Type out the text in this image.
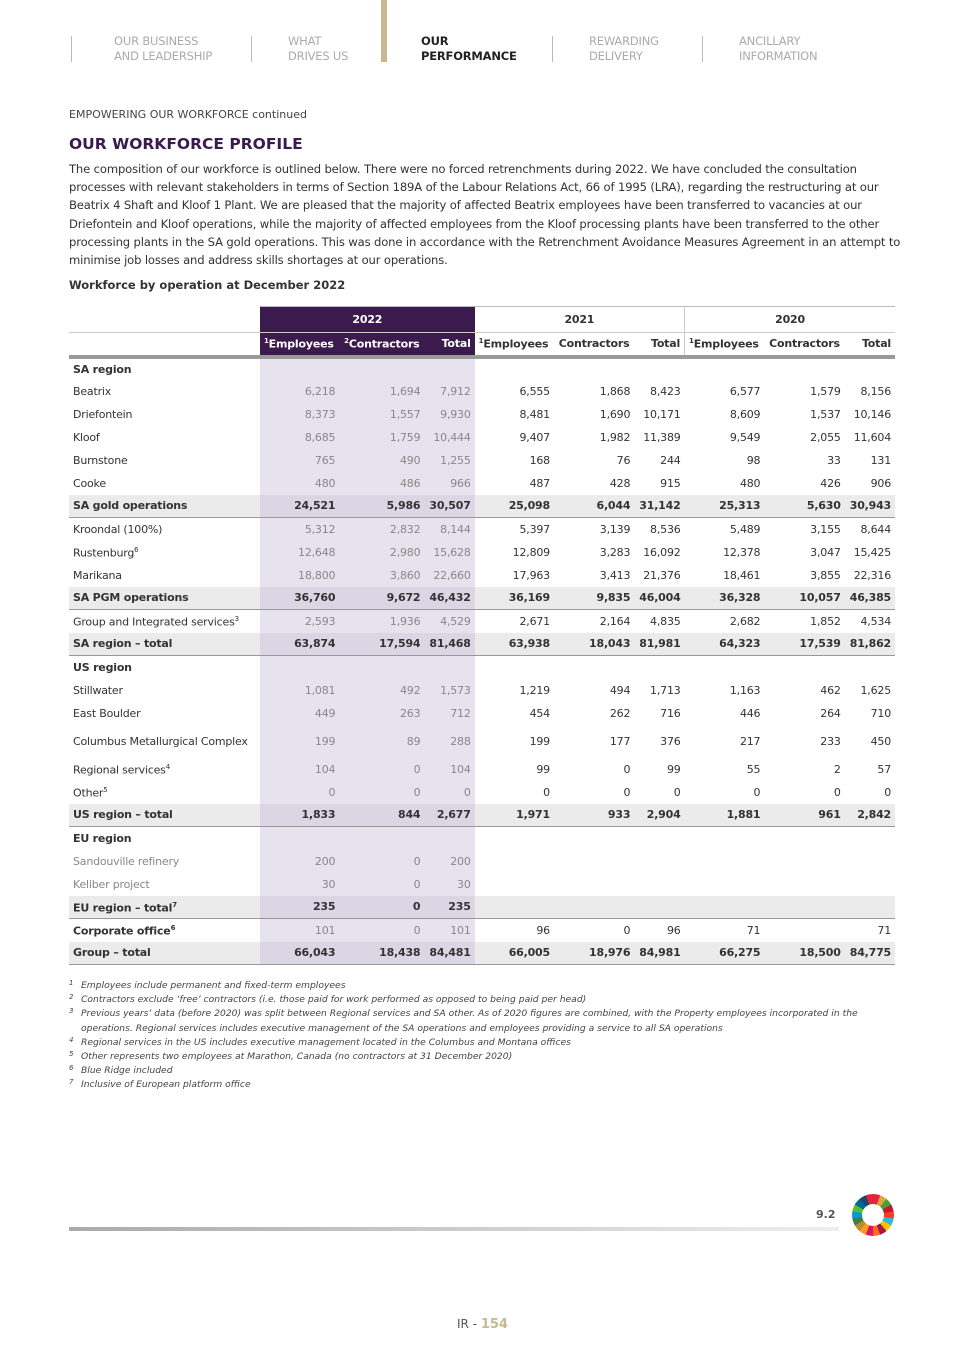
OUR BUSINESS
AND LEADERSHIP
WHAT
DRIVES US
OUR
PERFORMANCE
REWARDING
DELIVERY
ANCILLARY
INFORMATION
EMPOWERING OUR WORKFORCE continued
OUR WORKFORCE PROFILE

The composition of our workforce is outlined below. There were no forced retrenchments during 2022. We have concluded the consultation processes with relevant stakeholders in terms of Section 189A of the Labour Relations Act, 66 of 1995 (LRA), regarding the restructuring at our Beatrix 4 Shaft and Kloof 1 Plant. We are pleased that the majority of affected Beatrix employees have been transferred to vacancies at our Driefontein and Kloof operations, while the majority of affected employees from the Kloof processing plants have been transferred to the other processing plants in the SA gold operations. This was done in accordance with the Retrenchment Avoidance Measures Agreement in an attempt to minimise job losses and address skills shortages at our operations.

Workforce by operation at December 2022
	2022			2021			2020		
	$^1$Employees	$^2$Contractors	Total	$^1$Employees	Contractors	Total	$^1$Employees	Contractors	Total
SA region									
Beatrix	6,218	1,694	7,912	6,555	1,868	8,423	6,577	1,579	8,156
Driefontein	8,373	1,557	9,930	8,481	1,690	10,171	8,609	1,537	10,146
Kloof	8,685	1,759	10,444	9,407	1,982	11,389	9,549	2,055	11,604
Burnstone	765	490	1,255	168	76	244	98	33	131
Cooke	480	486	966	487	428	915	480	426	906
SA gold operations	24,521	5,986	30,507	25,098	6,044	31,142	25,313	5,630	30,943
Kroondal (100%)	5,312	2,832	8,144	5,397	3,139	8,536	5,489	3,155	8,644
Rustenburg$^6$	12,648	2,980	15,628	12,809	3,283	16,092	12,378	3,047	15,425
Marikana	18,800	3,860	22,660	17,963	3,413	21,376	18,461	3,855	22,316
SA PGM operations	36,760	9,672	46,432	36,169	9,835	46,004	36,328	10,057	46,385
Group and Integrated services$^3$	2,593	1,936	4,529	2,671	2,164	4,835	2,682	1,852	4,534
SA region – total	63,874	17,594	81,468	63,938	18,043	81,981	64,323	17,539	81,862
US region									
Stillwater	1,081	492	1,573	1,219	494	1,713	1,163	462	1,625
East Boulder	449	263	712	454	262	716	446	264	710
Columbus Metallurgical Complex	199	89	288	199	177	376	217	233	450
Regional services$^4$	104	0	104	99	0	99	55	2	57
Other$^5$	0	0	0	0	0	0	0	0	0
US region – total	1,833	844	2,677	1,971	933	2,904	1,881	961	2,842
EU region									
Sandouville refinery	200	0	200						
Keliber project	30	0	30						
EU region – total$^7$	235	0	235						
Corporate office$^6$	101	0	101	96	0	96	71		71
Group – total	66,043	18,438	84,481	66,005	18,976	84,981	66,275	18,500	84,775
1 Employees include permanent and fixed-term employees
2 Contractors exclude ‘free’ contractors (i.e. those paid for work performed as opposed to being paid per head)
3 Previous years’ data (before 2020) was split between Regional services and SA other. As of 2020 figures are combined, with the Property employees incorporated in the operations. Regional services includes executive management of the SA operations and employees providing a service to all SA operations
4 Regional services in the US includes executive management located in the Columbus and Montana offices
5 Other represents two employees at Marathon, Canada (no contractors at 31 December 2020)
6 Blue Ridge included
7 Inclusive of European platform office
9.2
IR - 154
